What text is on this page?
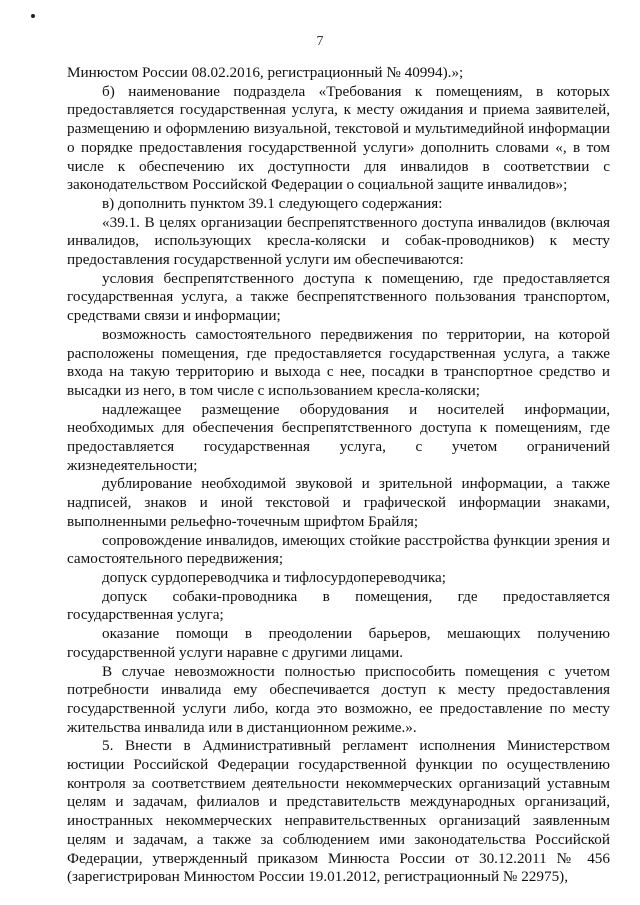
7

Минюстом России 08.02.2016, регистрационный № 40994).»;

б) наименование подраздела «Требования к помещениям, в которых предоставляется государственная услуга, к месту ожидания и приема заявителей, размещению и оформлению визуальной, текстовой и мультимедийной информации о порядке предоставления государственной услуги» дополнить словами «, в том числе к обеспечению их доступности для инвалидов в соответствии с законодательством Российской Федерации о социальной защите инвалидов»;

в) дополнить пунктом 39.1 следующего содержания:

«39.1. В целях организации беспрепятственного доступа инвалидов (включая инвалидов, использующих кресла-коляски и собак-проводников) к месту предоставления государственной услуги им обеспечиваются:

условия беспрепятственного доступа к помещению, где предоставляется государственная услуга, а также беспрепятственного пользования транспортом, средствами связи и информации;

возможность самостоятельного передвижения по территории, на которой расположены помещения, где предоставляется государственная услуга, а также входа на такую территорию и выхода с нее, посадки в транспортное средство и высадки из него, в том числе с использованием кресла-коляски;

надлежащее размещение оборудования и носителей информации, необходимых для обеспечения беспрепятственного доступа к помещениям, где предоставляется государственная услуга, с учетом ограничений жизнедеятельности;

дублирование необходимой звуковой и зрительной информации, а также надписей, знаков и иной текстовой и графической информации знаками, выполненными рельефно-точечным шрифтом Брайля;

сопровождение инвалидов, имеющих стойкие расстройства функции зрения и самостоятельного передвижения;

допуск сурдопереводчика и тифлосурдопереводчика;

допуск собаки-проводника в помещения, где предоставляется государственная услуга;

оказание помощи в преодолении барьеров, мешающих получению государственной услуги наравне с другими лицами.

В случае невозможности полностью приспособить помещения с учетом потребности инвалида ему обеспечивается доступ к месту предоставления государственной услуги либо, когда это возможно, ее предоставление по месту жительства инвалида или в дистанционном режиме.».

5. Внести в Административный регламент исполнения Министерством юстиции Российской Федерации государственной функции по осуществлению контроля за соответствием деятельности некоммерческих организаций уставным целям и задачам, филиалов и представительств международных организаций, иностранных некоммерческих неправительственных организаций заявленным целям и задачам, а также за соблюдением ими законодательства Российской Федерации, утвержденный приказом Минюста России от 30.12.2011 № 456 (зарегистрирован Минюстом России 19.01.2012, регистрационный № 22975),
